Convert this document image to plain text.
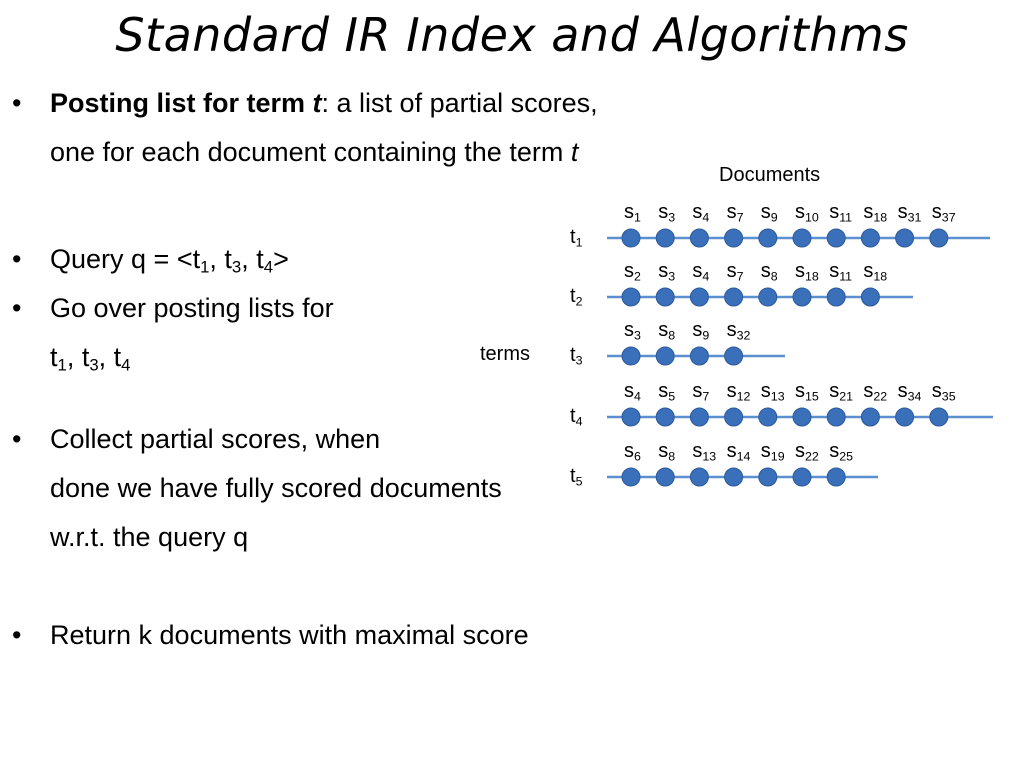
Standard IR Index and Algorithms
• Posting list for term t: a list of partial scores,
one for each document containing the term t
• Query $q = <t_1$, $t_3$, $t_4>$
• Go over posting lists for
$t_1$, $t_3$, $t_4$
• Collect partial scores, when
done we have fully scored documents
w.r.t. the query q
• Return k documents with maximal score
Documents
terms
$t_1$
$s_1$ $s_3$ $s_4$ $s_7$ $s_9$ $s_{10}$ $s_{11}$ $s_{18}$ $s_{31}$ $s_{37}$
$t_2$
$s_2$ $s_3$ $s_4$ $s_7$ $s_8$ $s_{18}$ $s_{11}$ $s_{18}$
$t_3$
$s_3$ $s_8$ $s_9$ $s_{32}$
$t_4$
$s_4$ $s_5$ $s_7$ $s_{12}$ $s_{13}$ $s_{15}$ $s_{21}$ $s_{22}$ $s_{34}$ $s_{35}$
$t_5$
$s_6$ $s_8$ $s_{13}$ $s_{14}$ $s_{19}$ $s_{22}$ $s_{25}$
